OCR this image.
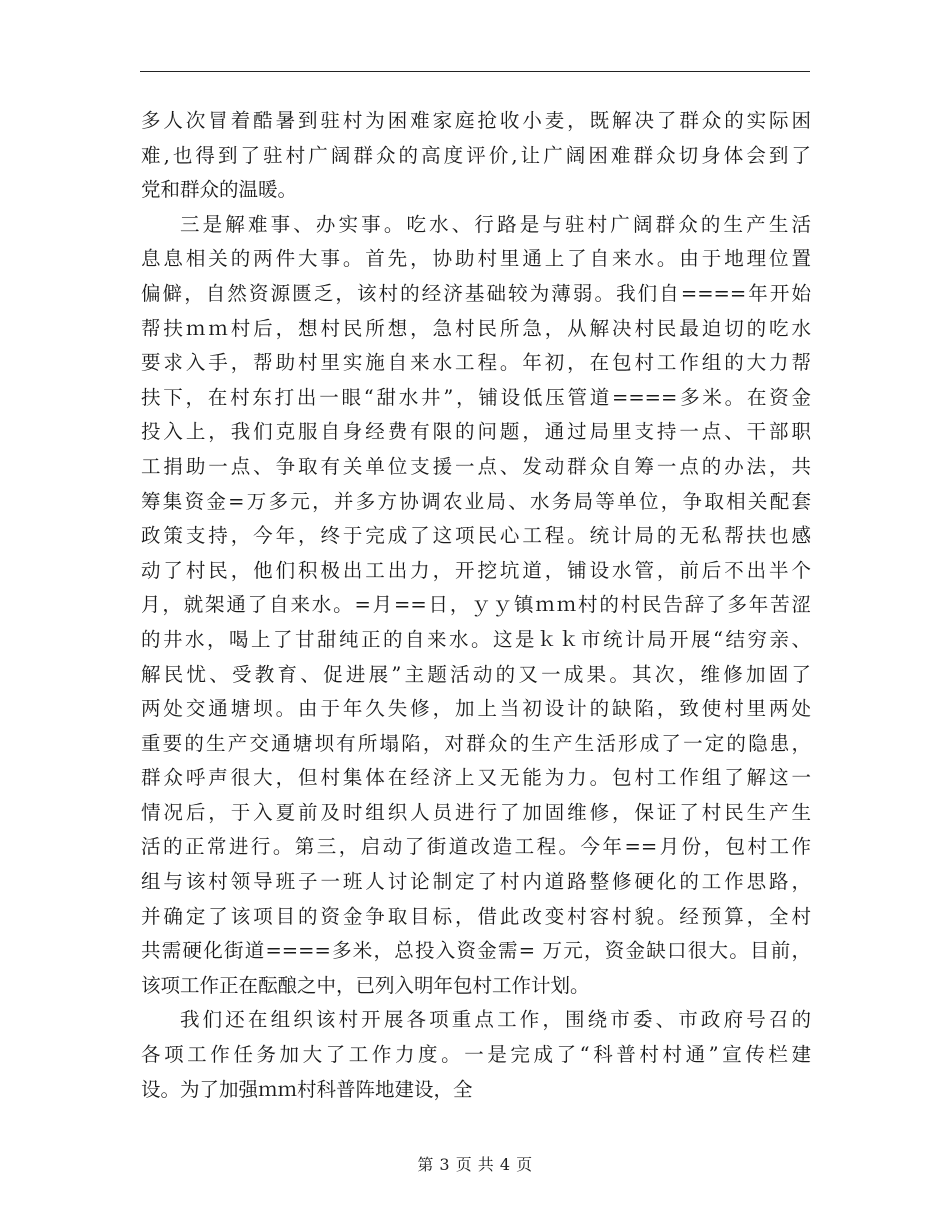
多人次冒着酷暑到驻村为困难家庭抢收小麦，既解决了群众的实际困
难,也得到了驻村广阔群众的高度评价,让广阔困难群众切身体会到了
党和群众的温暖。
三是解难事、办实事。吃水、行路是与驻村广阔群众的生产生活
息息相关的两件大事。首先，协助村里通上了自来水。由于地理位置
偏僻，自然资源匮乏，该村的经济基础较为薄弱。我们自====年开始
帮扶ｍｍ村后，想村民所想，急村民所急，从解决村民最迫切的吃水
要求入手，帮助村里实施自来水工程。年初，在包村工作组的大力帮
扶下，在村东打出一眼“甜水井”，铺设低压管道====多米。在资金
投入上，我们克服自身经费有限的问题，通过局里支持一点、干部职
工捐助一点、争取有关单位支援一点、发动群众自筹一点的办法，共
筹集资金=万多元，并多方协调农业局、水务局等单位，争取相关配套
政策支持，今年，终于完成了这项民心工程。统计局的无私帮扶也感
动了村民，他们积极出工出力，开挖坑道，铺设水管，前后不出半个
月，就架通了自来水。=月==日，ｙｙ镇ｍｍ村的村民告辞了多年苦涩
的井水，喝上了甘甜纯正的自来水。这是ｋｋ市统计局开展“结穷亲、
解民忧、受教育、促进展”主题活动的又一成果。其次，维修加固了
两处交通塘坝。由于年久失修，加上当初设计的缺陷，致使村里两处
重要的生产交通塘坝有所塌陷，对群众的生产生活形成了一定的隐患，
群众呼声很大，但村集体在经济上又无能为力。包村工作组了解这一
情况后，于入夏前及时组织人员进行了加固维修，保证了村民生产生
活的正常进行。第三，启动了街道改造工程。今年==月份，包村工作
组与该村领导班子一班人讨论制定了村内道路整修硬化的工作思路，
并确定了该项目的资金争取目标，借此改变村容村貌。经预算，全村
共需硬化街道====多米，总投入资金需= 万元，资金缺口很大。目前，
该项工作正在酝酿之中，已列入明年包村工作计划。
我们还在组织该村开展各项重点工作，围绕市委、市政府号召的
各项工作任务加大了工作力度。一是完成了“科普村村通”宣传栏建
设。为了加强ｍｍ村科普阵地建设，全
第 3 页 共 4 页
